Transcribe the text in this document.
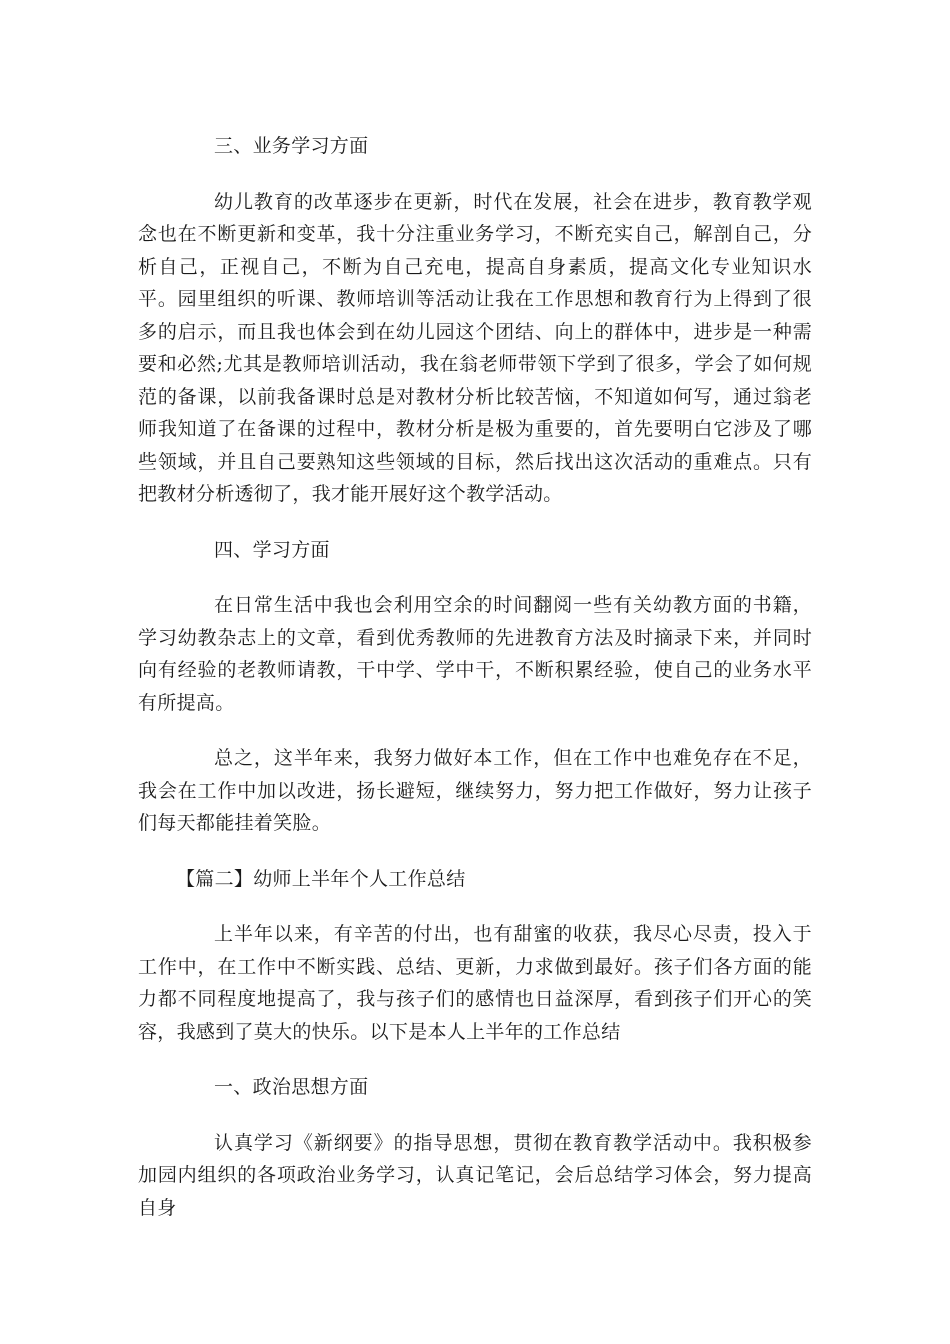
三、业务学习方面
幼儿教育的改革逐步在更新，时代在发展，社会在进步，教育教学观念也在不断更新和变革，我十分注重业务学习，不断充实自己，解剖自己，分析自己，正视自己，不断为自己充电，提高自身素质，提高文化专业知识水平。园里组织的听课、教师培训等活动让我在工作思想和教育行为上得到了很多的启示，而且我也体会到在幼儿园这个团结、向上的群体中，进步是一种需要和必然;尤其是教师培训活动，我在翁老师带领下学到了很多，学会了如何规范的备课，以前我备课时总是对教材分析比较苦恼，不知道如何写，通过翁老师我知道了在备课的过程中，教材分析是极为重要的，首先要明白它涉及了哪些领域，并且自己要熟知这些领域的目标，然后找出这次活动的重难点。只有把教材分析透彻了，我才能开展好这个教学活动。
四、学习方面
在日常生活中我也会利用空余的时间翻阅一些有关幼教方面的书籍，学习幼教杂志上的文章，看到优秀教师的先进教育方法及时摘录下来，并同时向有经验的老教师请教，干中学、学中干，不断积累经验，使自己的业务水平有所提高。
总之，这半年来，我努力做好本工作，但在工作中也难免存在不足，我会在工作中加以改进，扬长避短，继续努力，努力把工作做好，努力让孩子们每天都能挂着笑脸。
【篇二】幼师上半年个人工作总结
上半年以来，有辛苦的付出，也有甜蜜的收获，我尽心尽责，投入于工作中，在工作中不断实践、总结、更新，力求做到最好。孩子们各方面的能力都不同程度地提高了，我与孩子们的感情也日益深厚，看到孩子们开心的笑容，我感到了莫大的快乐。以下是本人上半年的工作总结
一、政治思想方面
认真学习《新纲要》的指导思想，贯彻在教育教学活动中。我积极参加园内组织的各项政治业务学习，认真记笔记，会后总结学习体会，努力提高自身
